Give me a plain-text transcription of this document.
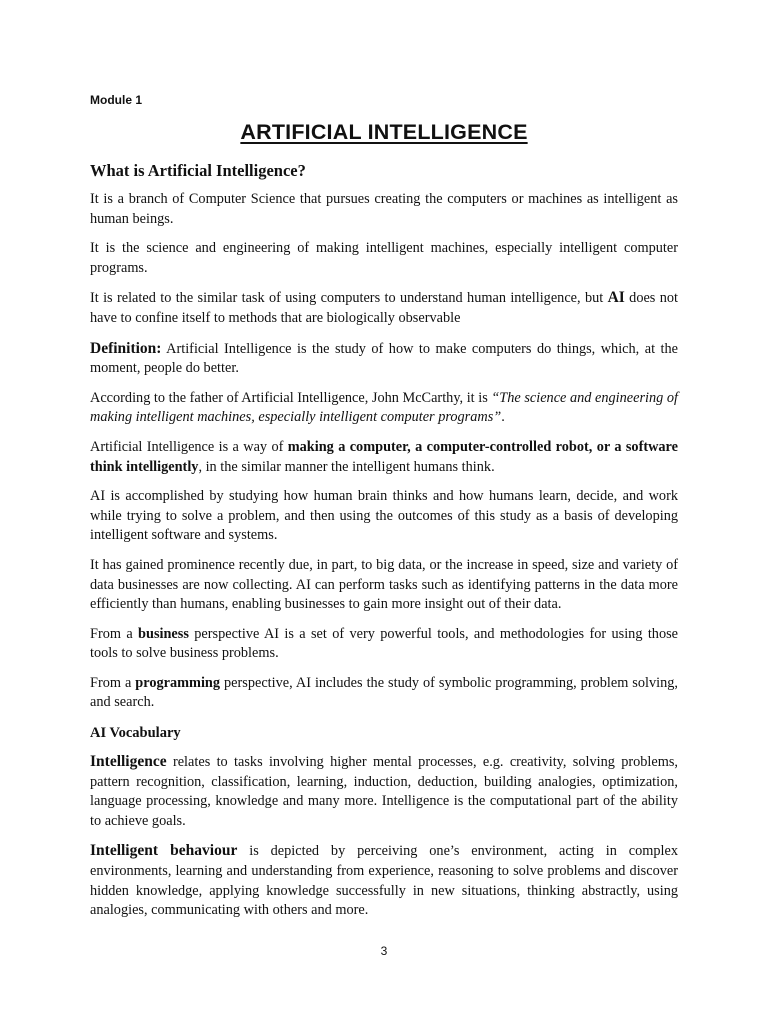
Module 1
ARTIFICIAL INTELLIGENCE
What is Artificial Intelligence?

It is a branch of Computer Science that pursues creating the computers or machines as intelligent as human beings.

It is the science and engineering of making intelligent machines, especially intelligent computer programs.

It is related to the similar task of using computers to understand human intelligence, but AI does not have to confine itself to methods that are biologically observable

Definition: Artificial Intelligence is the study of how to make computers do things, which, at the moment, people do better.

According to the father of Artificial Intelligence, John McCarthy, it is “The science and engineering of making intelligent machines, especially intelligent computer programs”.

Artificial Intelligence is a way of making a computer, a computer-controlled robot, or a software think intelligently, in the similar manner the intelligent humans think.

AI is accomplished by studying how human brain thinks and how humans learn, decide, and work while trying to solve a problem, and then using the outcomes of this study as a basis of developing intelligent software and systems.

It has gained prominence recently due, in part, to big data, or the increase in speed, size and variety of data businesses are now collecting. AI can perform tasks such as identifying patterns in the data more efficiently than humans, enabling businesses to gain more insight out of their data.

From a business perspective AI is a set of very powerful tools, and methodologies for using those tools to solve business problems.

From a programming perspective, AI includes the study of symbolic programming, problem solving, and search.

AI Vocabulary

Intelligence relates to tasks involving higher mental processes, e.g. creativity, solving problems, pattern recognition, classification, learning, induction, deduction, building analogies, optimization, language processing, knowledge and many more. Intelligence is the computational part of the ability to achieve goals.

Intelligent behaviour is depicted by perceiving one’s environment, acting in complex environments, learning and understanding from experience, reasoning to solve problems and discover hidden knowledge, applying knowledge successfully in new situations, thinking abstractly, using analogies, communicating with others and more.

3
